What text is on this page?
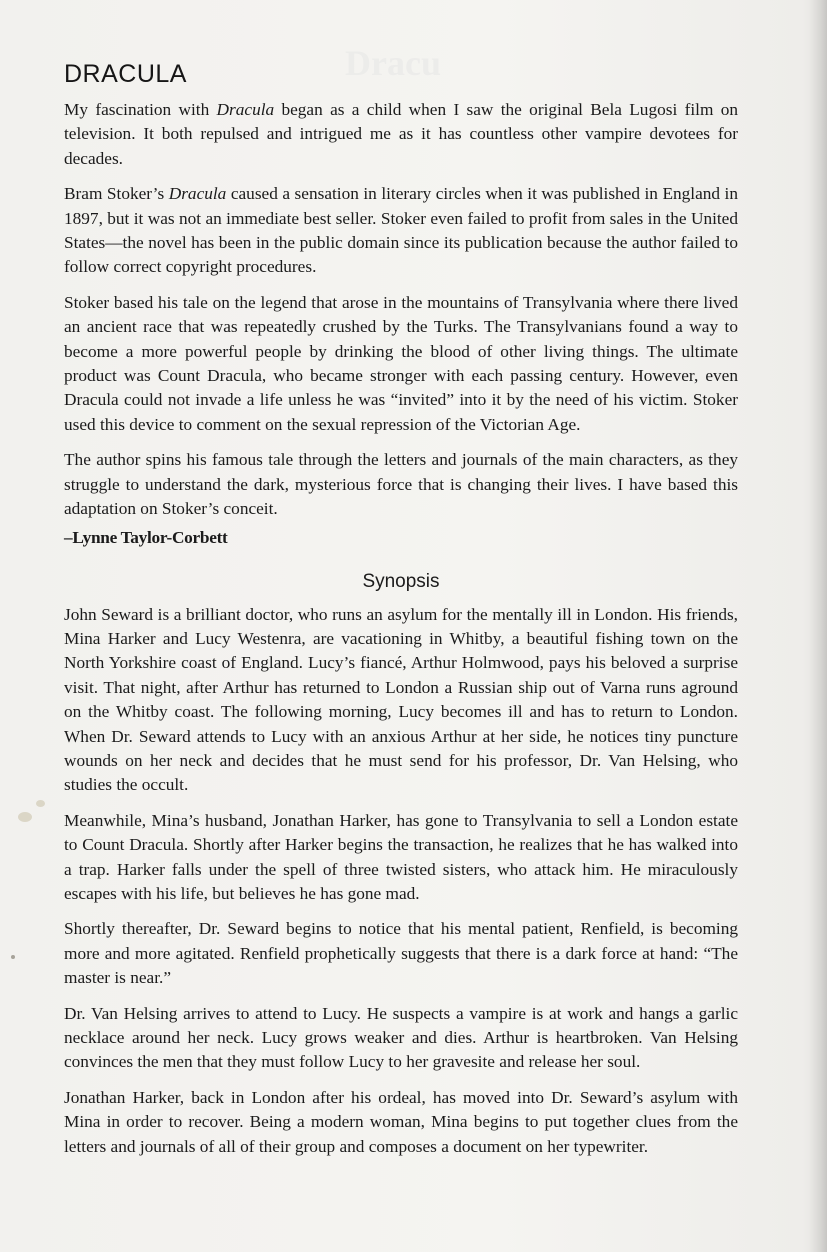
Dracu
DRACULA

My fascination with Dracula began as a child when I saw the original Bela Lugosi film on television. It both repulsed and intrigued me as it has countless other vampire devotees for decades.

Bram Stoker’s Dracula caused a sensation in literary circles when it was published in England in 1897, but it was not an immediate best seller. Stoker even failed to profit from sales in the United States—the novel has been in the public domain since its publication because the author failed to follow correct copyright procedures.

Stoker based his tale on the legend that arose in the mountains of Transylvania where there lived an ancient race that was repeatedly crushed by the Turks. The Transylvanians found a way to become a more powerful people by drinking the blood of other living things. The ultimate product was Count Dracula, who became stronger with each passing century. However, even Dracula could not invade a life unless he was “invited” into it by the need of his victim. Stoker used this device to comment on the sexual repression of the Victorian Age.

The author spins his famous tale through the letters and journals of the main characters, as they struggle to understand the dark, mysterious force that is changing their lives. I have based this adaptation on Stoker’s conceit.

–Lynne Taylor-Corbett

Synopsis

John Seward is a brilliant doctor, who runs an asylum for the mentally ill in London. His friends, Mina Harker and Lucy Westenra, are vacationing in Whitby, a beautiful fishing town on the North Yorkshire coast of England. Lucy’s fiancé, Arthur Holmwood, pays his beloved a surprise visit. That night, after Arthur has returned to London a Russian ship out of Varna runs aground on the Whitby coast. The following morning, Lucy becomes ill and has to return to London. When Dr. Seward attends to Lucy with an anxious Arthur at her side, he notices tiny puncture wounds on her neck and decides that he must send for his professor, Dr. Van Helsing, who studies the occult.

Meanwhile, Mina’s husband, Jonathan Harker, has gone to Transylvania to sell a London estate to Count Dracula. Shortly after Harker begins the transaction, he realizes that he has walked into a trap. Harker falls under the spell of three twisted sisters, who attack him. He miraculously escapes with his life, but believes he has gone mad.

Shortly thereafter, Dr. Seward begins to notice that his mental patient, Renfield, is becoming more and more agitated. Renfield prophetically suggests that there is a dark force at hand: “The master is near.”

Dr. Van Helsing arrives to attend to Lucy. He suspects a vampire is at work and hangs a garlic necklace around her neck. Lucy grows weaker and dies. Arthur is heartbroken. Van Helsing convinces the men that they must follow Lucy to her gravesite and release her soul.

Jonathan Harker, back in London after his ordeal, has moved into Dr. Seward’s asylum with Mina in order to recover. Being a modern woman, Mina begins to put together clues from the letters and journals of all of their group and composes a document on her typewriter.
